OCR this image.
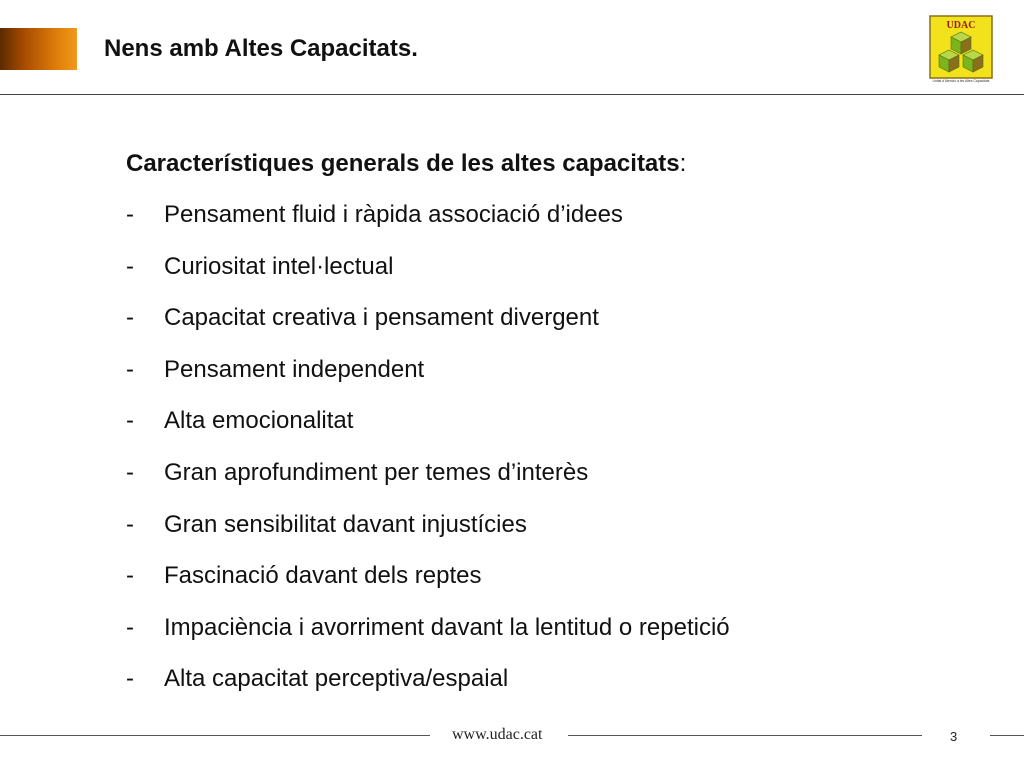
Nens amb Altes Capacitats.
UDAC
Unitat d'Atenció a les Altes Capacitats
Característiques generals de les altes capacitats:
-	Pensament fluid i ràpida associació d’idees
-	Curiositat intel·lectual
-	Capacitat creativa i pensament divergent
-	Pensament independent
-	Alta emocionalitat
-	Gran aprofundiment per temes d’interès
-	Gran sensibilitat davant injustícies
-	Fascinació davant dels reptes
-	Impaciència i avorriment davant la lentitud o repetició
-	Alta capacitat perceptiva/espaial
www.udac.cat	3
